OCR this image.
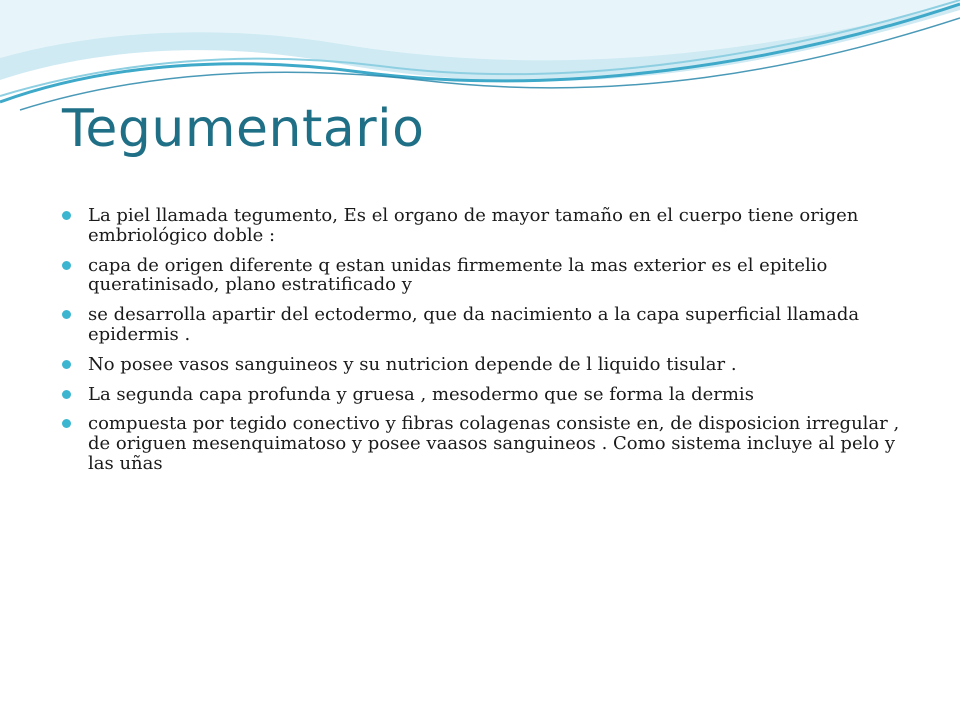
Tegumentario
La piel llamada tegumento, Es el organo de mayor tamaño en el cuerpo tiene origen embriológico doble :
capa de origen diferente q estan unidas firmemente la mas exterior es el epitelio queratinisado, plano estratificado y
se desarrolla apartir del ectodermo, que da nacimiento a la capa superficial llamada epidermis .
No posee vasos sanguineos y su nutricion depende de l liquido tisular .
La segunda capa profunda y gruesa , mesodermo que se forma la dermis
compuesta por tegido conectivo y fibras colagenas consiste en, de disposicion irregular , de origuen mesenquimatoso y posee vaasos sanguineos . Como sistema incluye al pelo y las uñas
